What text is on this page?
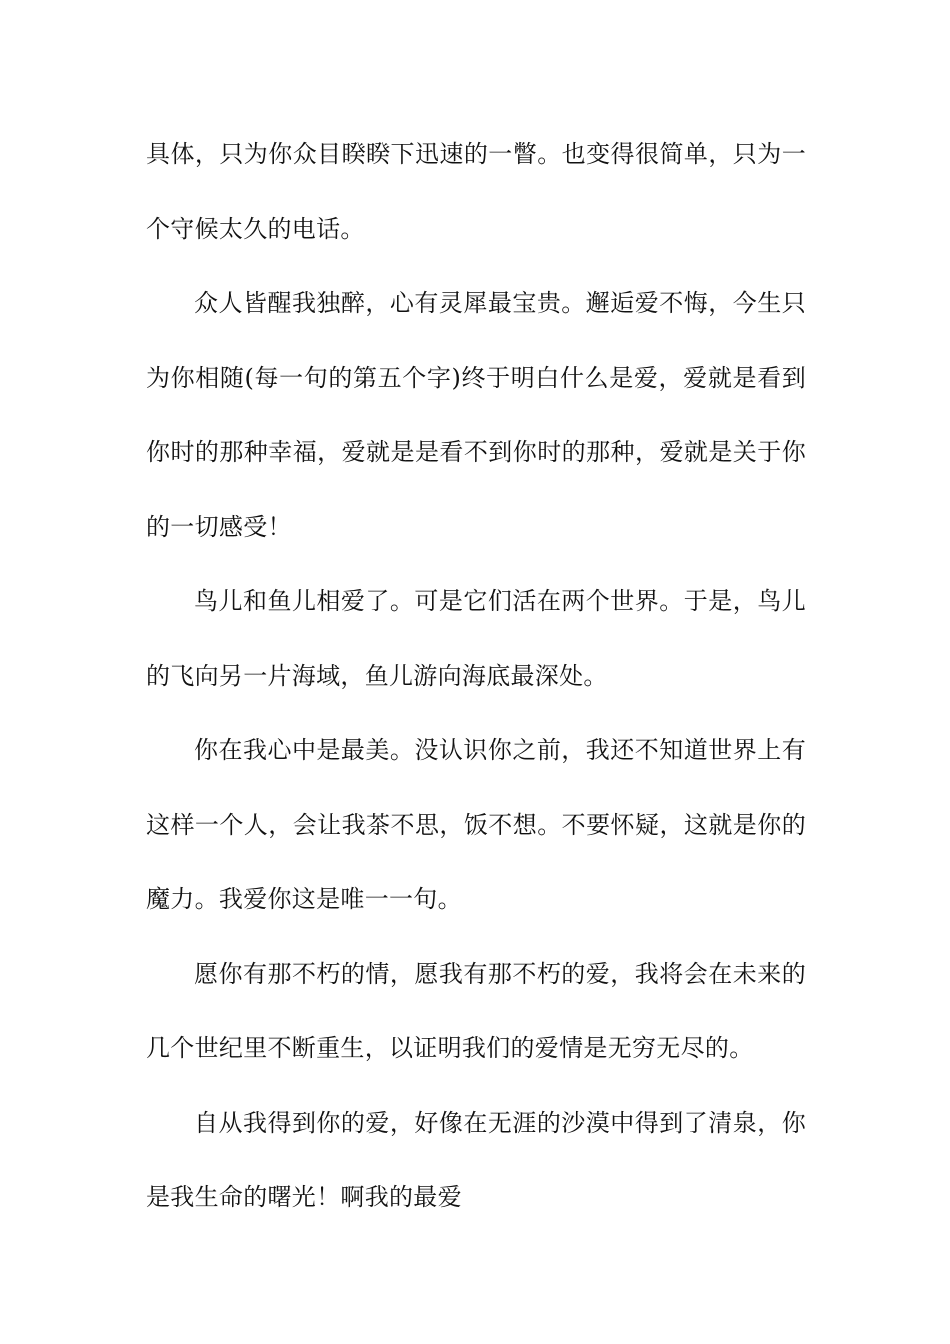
具体，只为你众目睽睽下迅速的一瞥。也变得很简单，只为一个守候太久的电话。

众人皆醒我独醉，心有灵犀最宝贵。邂逅爱不悔，今生只为你相随(每一句的第五个字)终于明白什么是爱，爱就是看到你时的那种幸福，爱就是是看不到你时的那种，爱就是关于你的一切感受！

鸟儿和鱼儿相爱了。可是它们活在两个世界。于是，鸟儿的飞向另一片海域，鱼儿游向海底最深处。

你在我心中是最美。没认识你之前，我还不知道世界上有这样一个人，会让我茶不思，饭不想。不要怀疑，这就是你的魔力。我爱你这是唯一一句。

愿你有那不朽的情，愿我有那不朽的爱，我将会在未来的几个世纪里不断重生，以证明我们的爱情是无穷无尽的。

自从我得到你的爱，好像在无涯的沙漠中得到了清泉，你是我生命的曙光！啊我的最爱
